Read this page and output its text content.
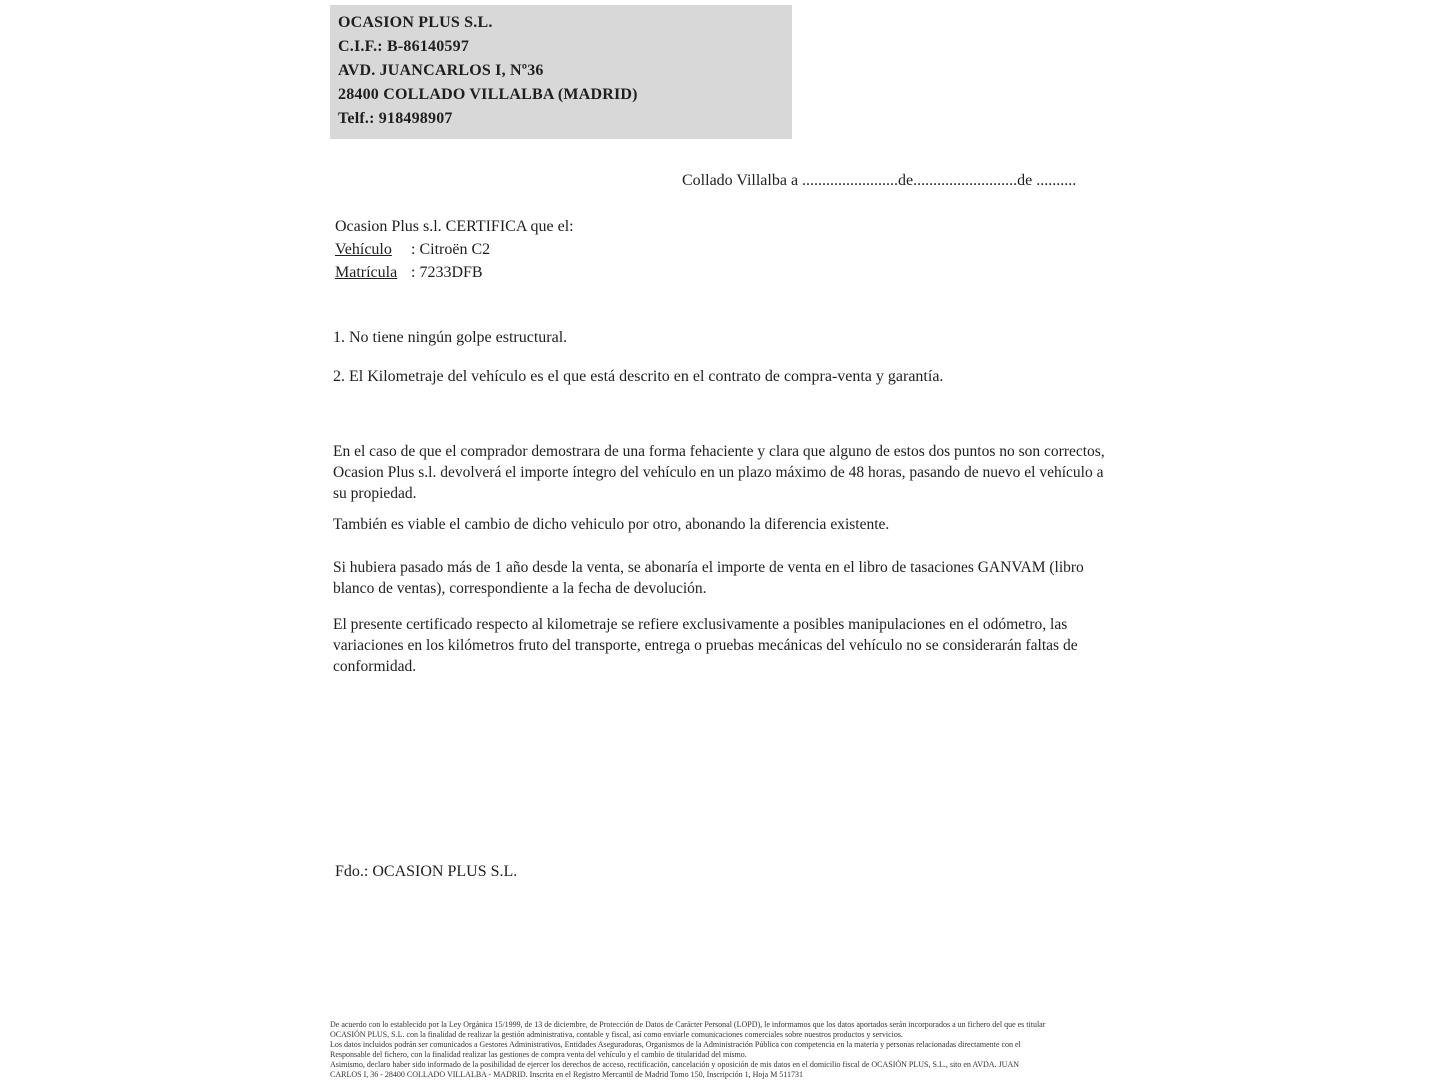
OCASION PLUS S.L.
C.I.F.: B-86140597
AVD. JUANCARLOS I, Nº36
28400 COLLADO VILLALBA (MADRID)
Telf.: 918498907
Collado Villalba a ........................de..........................de ..........
Ocasion Plus s.l. CERTIFICA que el:
Vehículo : Citroën C2
Matrícula : 7233DFB
1. No tiene ningún golpe estructural.
2. El Kilometraje del vehículo es el que está descrito en el contrato de compra-venta y garantía.
En el caso de que el comprador demostrara de una forma fehaciente y clara que alguno de estos dos puntos no son correctos, Ocasion Plus s.l. devolverá el importe íntegro del vehículo en un plazo máximo de 48 horas, pasando de nuevo el vehículo a su propiedad.
También es viable el cambio de dicho vehiculo por otro, abonando la diferencia existente.
Si hubiera pasado más de 1 año desde la venta, se abonaría el importe de venta en el libro de tasaciones GANVAM (libro blanco de ventas), correspondiente a la fecha de devolución.
El presente certificado respecto al kilometraje se refiere exclusivamente a posibles manipulaciones en el odómetro, las variaciones en los kilómetros fruto del transporte, entrega o pruebas mecánicas del vehículo no se considerarán faltas de conformidad.
Fdo.: OCASION PLUS S.L.
De acuerdo con lo establecido por la Ley Orgánica 15/1999, de 13 de diciembre, de Protección de Datos de Carácter Personal (LOPD), le informamos que los datos aportados serán incorporados a un fichero del que es titular
OCASIÓN PLUS, S.L. con la finalidad de realizar la gestión administrativa, contable y fiscal, así como enviarle comunicaciones comerciales sobre nuestros productos y servicios.
Los datos incluidos podrán ser comunicados a Gestores Administrativos, Entidades Aseguradoras, Organismos de la Administración Pública con competencia en la materia y personas relacionadas directamente con el
Responsable del fichero, con la finalidad realizar las gestiones de compra venta del vehículo y el cambio de titularidad del mismo.
Asimismo, declaro haber sido informado de la posibilidad de ejercer los derechos de acceso, rectificación, cancelación y oposición de mis datos en el domicilio fiscal de OCASIÓN PLUS, S.L., sito en AVDA. JUAN
CARLOS I, 36 - 28400 COLLADO VILLALBA - MADRID. Inscrita en el Registro Mercantil de Madrid Tomo 150, Inscripción 1, Hoja M 511731
